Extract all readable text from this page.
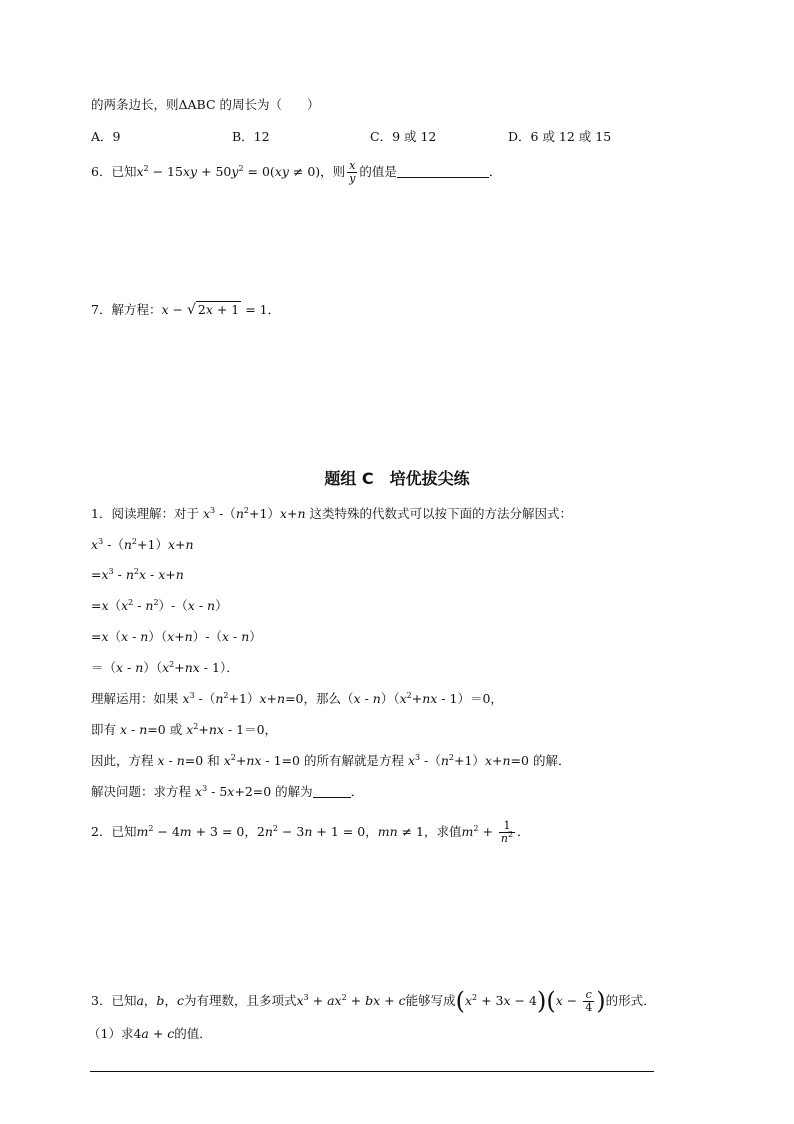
的两条边长，则ΔABC 的周长为（　　）
A．9	B．12	C．9 或 12	D．6 或 12 或 15
6．已知$x^2 - 15xy + 50y^2 = 0(xy \ne 0)$，则 $\frac{x}{y}$ 的值是	．
7．解方程：x − √ 2x + 1 = 1．
题组 C　培优拔尖练
1．阅读理解：对于 $x^3$ $-(n^2+1)x+n$ 这类特殊的代数式可以按下面的方法分解因式：
$x^3$ $-(n^2+1)x+n$
$=x^3 - n^2x - x+n$
$=x(x^2 - n^2)-(x - n)$
=x（x - n）（x+n）-（x - n）
$=(x - n)(x^2+nx - 1)$．
理解运用：如果 $x^3$ $-(n^2+1)x+n=0$，那么$(x - n)(x^2+nx - 1)=0$，
即有 x - n=0 或 $x^2+nx - 1=0$，
因此，方程 x - n=0 和 $x^2+nx - 1=0$ 的所有解就是方程 $x^3$ $-(n^2+1)x+n=0$ 的解．
解决问题：求方程 $x^3 - 5x+2=0$ 的解为	．
2．已知$m^2 - 4m + 3 = 0$，$2n^2 - 3n + 1 = 0$，mn ≠ 1，求值$m^2 + \frac{1}{n^2}$ ．
3．已知a，b，c为有理数，且多项式$x^3 + ax^2$ + bx + c能够写成$(x^2 + 3x - 4)(x - \frac{c}{4}$ )的形式．
（1）求4a + c的值．
